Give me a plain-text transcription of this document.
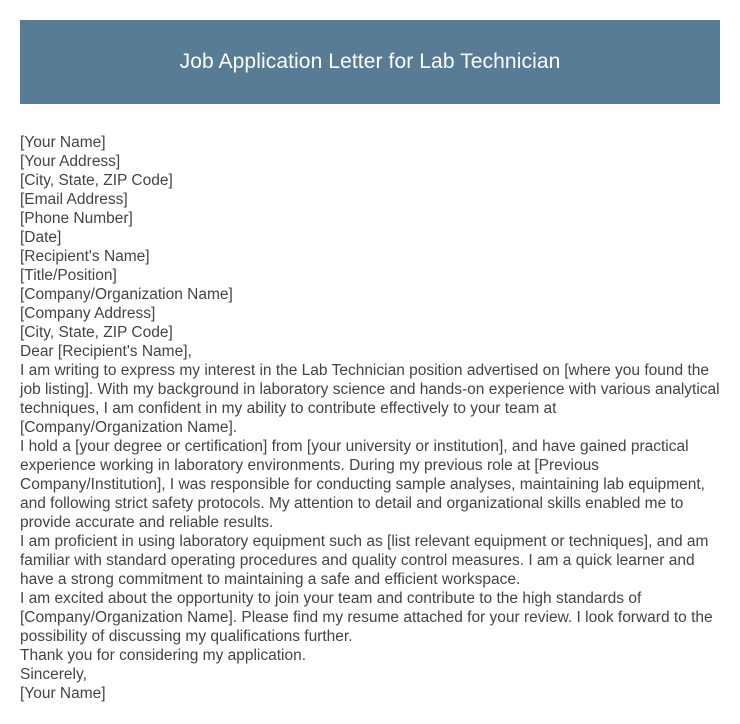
Job Application Letter for Lab Technician
[Your Name]
[Your Address]
[City, State, ZIP Code]
[Email Address]
[Phone Number]
[Date]
[Recipient's Name]
[Title/Position]
[Company/Organization Name]
[Company Address]
[City, State, ZIP Code]
Dear [Recipient's Name],
I am writing to express my interest in the Lab Technician position advertised on [where you found the job listing]. With my background in laboratory science and hands-on experience with various analytical techniques, I am confident in my ability to contribute effectively to your team at [Company/Organization Name].
I hold a [your degree or certification] from [your university or institution], and have gained practical experience working in laboratory environments. During my previous role at [Previous Company/Institution], I was responsible for conducting sample analyses, maintaining lab equipment, and following strict safety protocols. My attention to detail and organizational skills enabled me to provide accurate and reliable results.
I am proficient in using laboratory equipment such as [list relevant equipment or techniques], and am familiar with standard operating procedures and quality control measures. I am a quick learner and have a strong commitment to maintaining a safe and efficient workspace.
I am excited about the opportunity to join your team and contribute to the high standards of [Company/Organization Name]. Please find my resume attached for your review. I look forward to the possibility of discussing my qualifications further.
Thank you for considering my application.
Sincerely,
[Your Name]
